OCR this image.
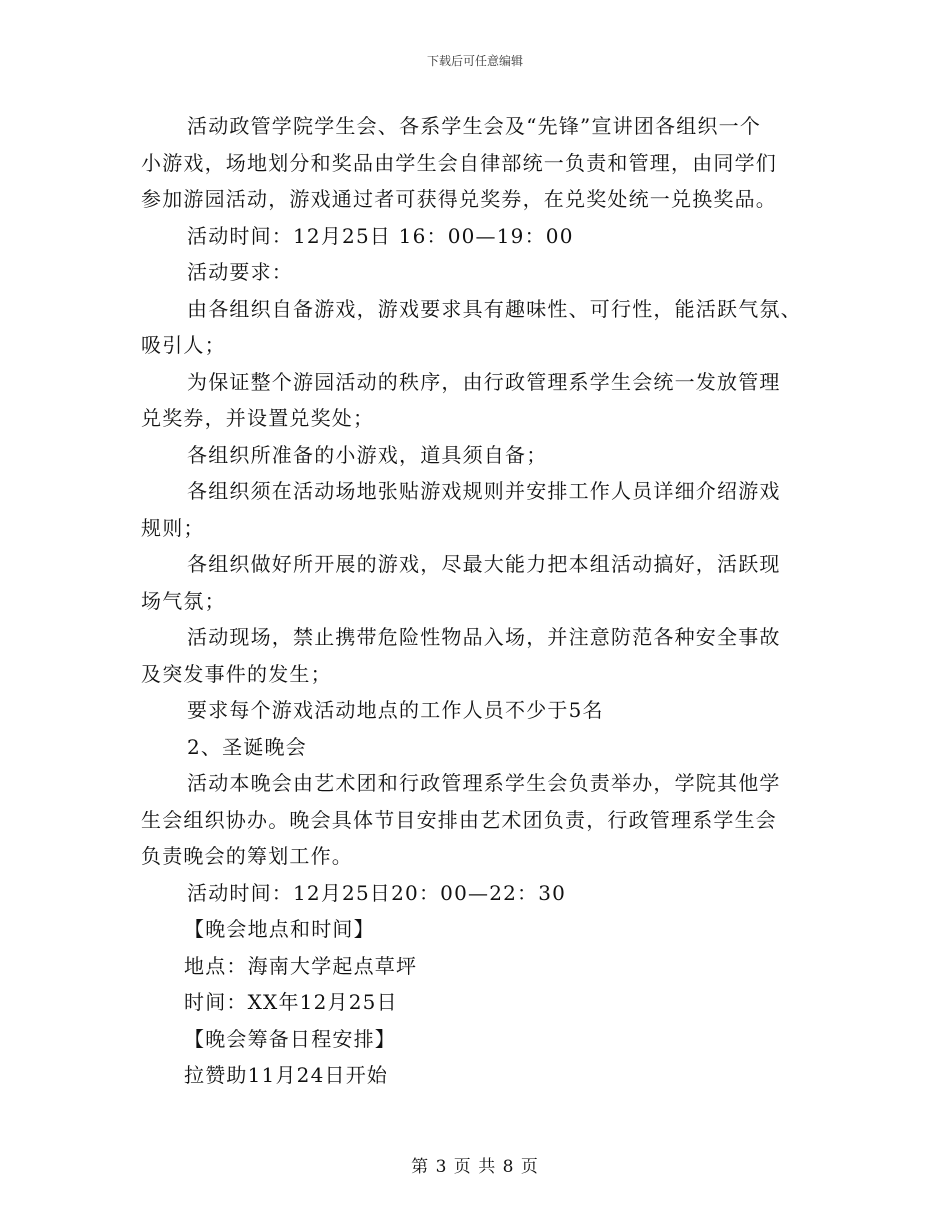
下载后可任意编辑
活动政管学院学生会、各系学生会及“先锋”宣讲团各组织一个
小游戏，场地划分和奖品由学生会自律部统一负责和管理，由同学们
参加游园活动，游戏通过者可获得兑奖券，在兑奖处统一兑换奖品。
活动时间：12月25日 16：00—19：00
活动要求：
由各组织自备游戏，游戏要求具有趣味性、可行性，能活跃气氛、
吸引人；
为保证整个游园活动的秩序，由行政管理系学生会统一发放管理
兑奖券，并设置兑奖处；
各组织所准备的小游戏，道具须自备；
各组织须在活动场地张贴游戏规则并安排工作人员详细介绍游戏
规则；
各组织做好所开展的游戏，尽最大能力把本组活动搞好，活跃现
场气氛；
活动现场，禁止携带危险性物品入场，并注意防范各种安全事故
及突发事件的发生；
要求每个游戏活动地点的工作人员不少于5名
2、圣诞晚会
活动本晚会由艺术团和行政管理系学生会负责举办，学院其他学
生会组织协办。晚会具体节目安排由艺术团负责，行政管理系学生会
负责晚会的筹划工作。
活动时间：12月25日20：00—22：30
【晚会地点和时间】
地点：海南大学起点草坪
时间：XX年12月25日
【晚会筹备日程安排】
拉赞助11月24日开始
第 3 页 共 8 页
